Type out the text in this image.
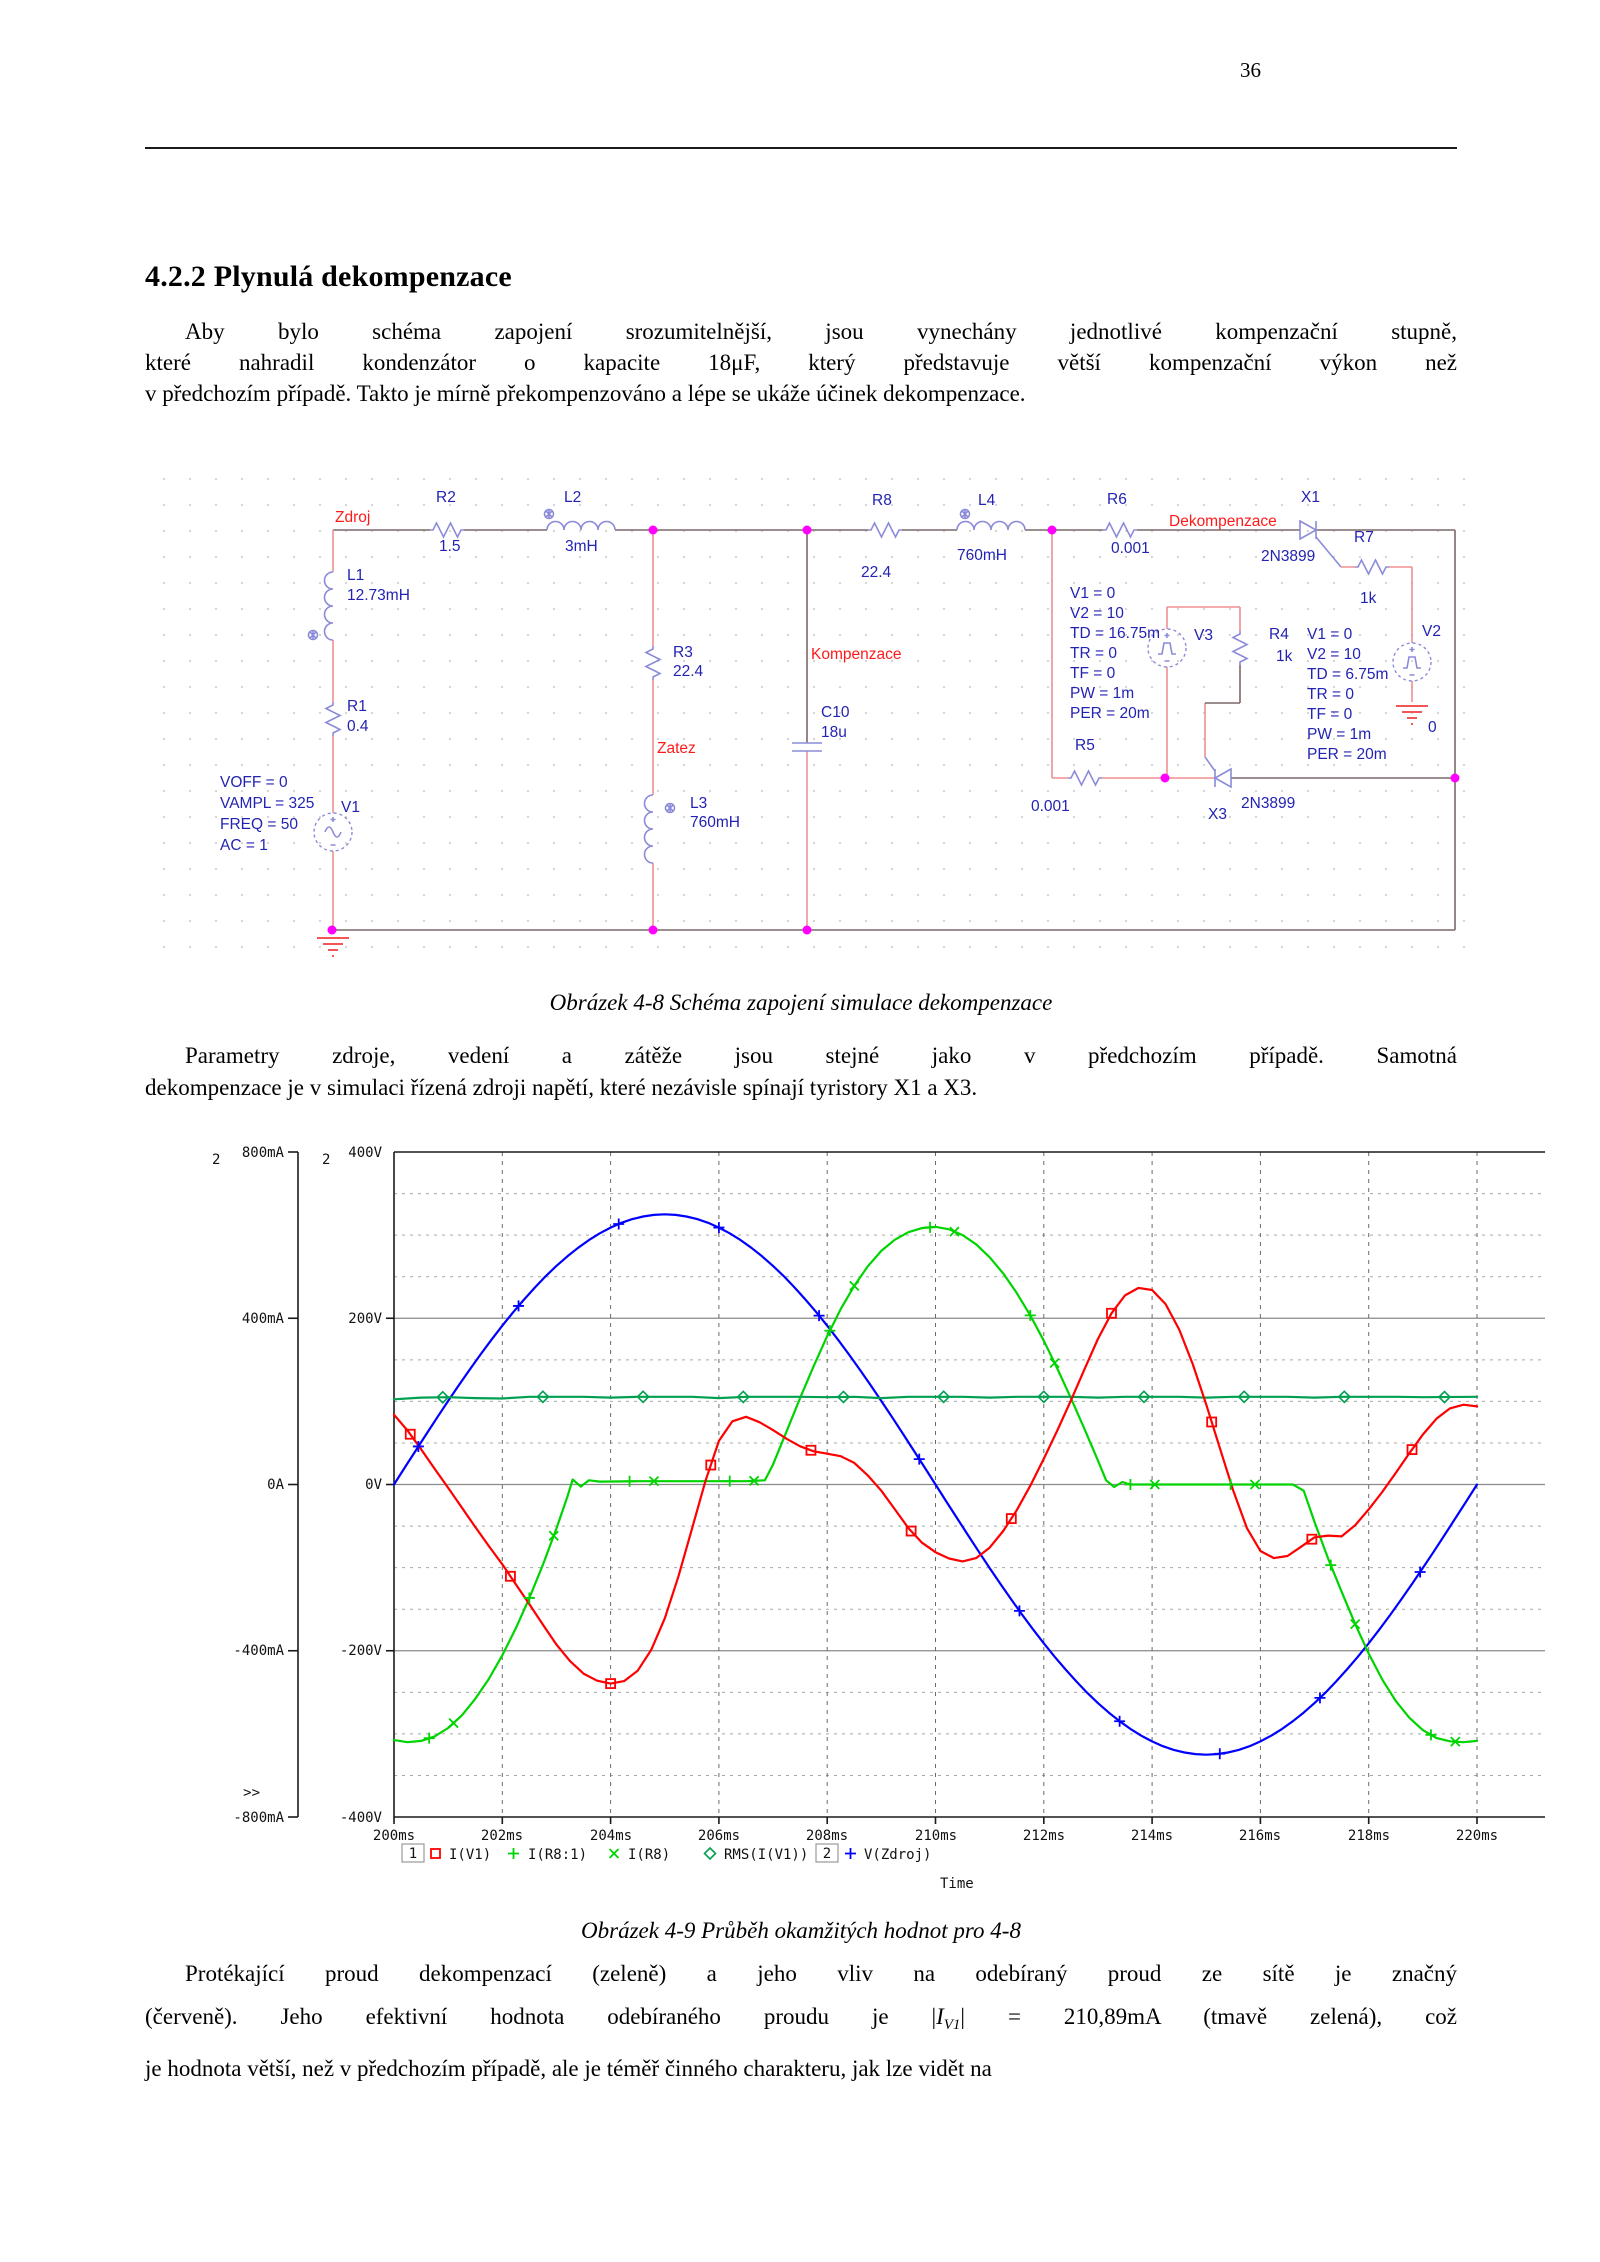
36
4.2.2 Plynulá dekompenzace
Aby bylo schéma zapojení srozumitelnější, jsou vynechány jednotlivé kompenzační stupně,
které nahradil kondenzátor o kapacite 18μF, který představuje větší kompenzační výkon než
v předchozím případě. Takto je mírně překompenzováno a lépe se ukáže účinek dekompenzace.
Zdroj
R2
1.5
L2
3mH
R8
22.4
L4
760mH
R6
0.001
Dekompenzace
X1
2N3899
R7
1k
V2
0
L1
12.73mH
R1
0.4
VOFF = 0
VAMPL = 325
FREQ = 50
AC = 1
V1
R3
22.4
Zatez
L3
760mH
Kompenzace
C10
18u
V1 = 0
V2 = 10
TD = 16.75m
TR = 0
TF = 0
PW = 1m
PER = 20m
V3	R4
1k
V1 = 0
V2 = 10
TD = 6.75m
TR = 0
TF = 0
PW = 1m
PER = 20m
R5
0.001	X3
2N3899
Obrázek 4-8 Schéma zapojení simulace dekompenzace
Parametry zdroje, vedení a zátěže jsou stejné jako v předchozím případě. Samotná
dekompenzace je v simulaci řízená zdroji napětí, které nezávisle spínají tyristory X1 a X3.
2	2
800mA
400mA
0A
-400mA
-800mA
400V
200V
0V
-200V
-400V
>>
200ms	202ms	204ms	206ms	208ms	210ms	212ms	214ms	216ms	218ms	220ms
1 I(V1)	I(R8:1)	I(R8)	RMS(I(V1)) 2 V(Zdroj)
Time
Obrázek 4-9 Průběh okamžitých hodnot pro 4-8
Protékající proud dekompenzací (zeleně) a jeho vliv na odebíraný proud ze sítě je značný
(červeně). Jeho efektivní hodnota odebíraného proudu je $|I_{V1}| = 210,89mA$ (tmavě zelená), což
je hodnota větší, než v předchozím případě, ale je téměř činného charakteru, jak lze vidět na
